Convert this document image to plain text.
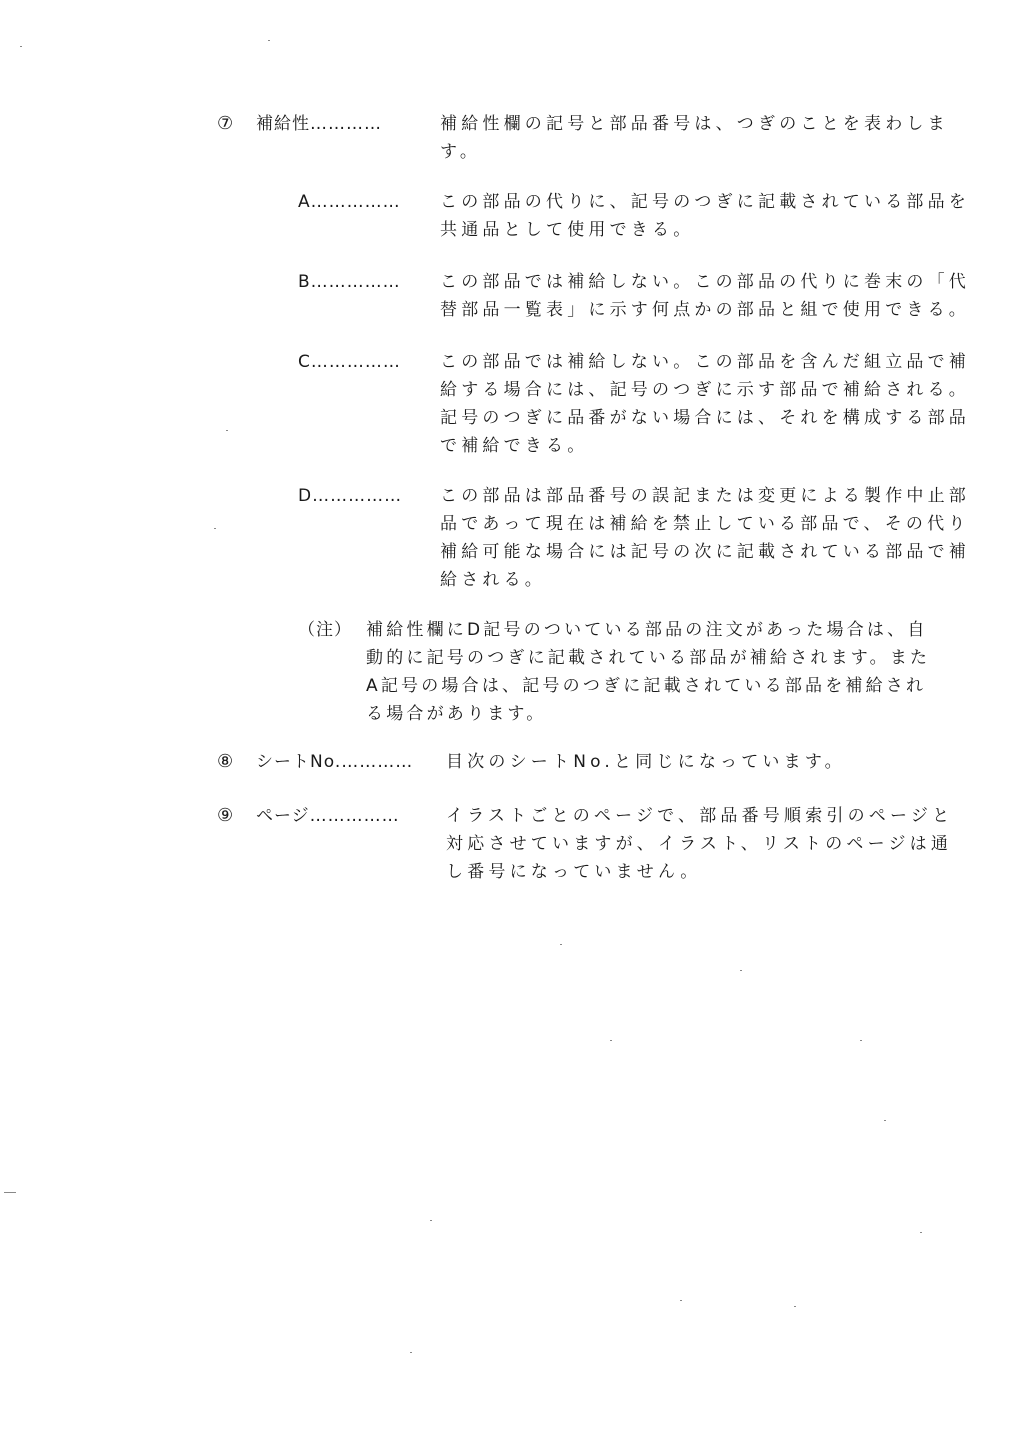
⑦ 補給性…………	補給性欄の記号と部品番号は、つぎのことを表わしま
す。
A…………… この部品の代りに、記号のつぎに記載されている部品を
共通品として使用できる。
B…………… この部品では補給しない。この部品の代りに巻末の「代
替部品一覧表」に示す何点かの部品と組で使用できる。
C…………… この部品では補給しない。この部品を含んだ組立品で補
給する場合には、記号のつぎに示す部品で補給される。
記号のつぎに品番がない場合には、それを構成する部品
で補給できる。
D…………… この部品は部品番号の誤記または変更による製作中止部
品であって現在は補給を禁止している部品で、その代り
補給可能な場合には記号の次に記載されている部品で補
給される。
（注） 補給性欄にD記号のついている部品の注文があった場合は、自
動的に記号のつぎに記載されている部品が補給されます。また
A記号の場合は、記号のつぎに記載されている部品を補給され
る場合があります。
⑧ シートNo.………… 目次のシートNo.と同じになっています。
⑨ ページ……………	イラストごとのページで、部品番号順索引のページと
対応させていますが、イラスト、リストのページは通
し番号になっていません。
